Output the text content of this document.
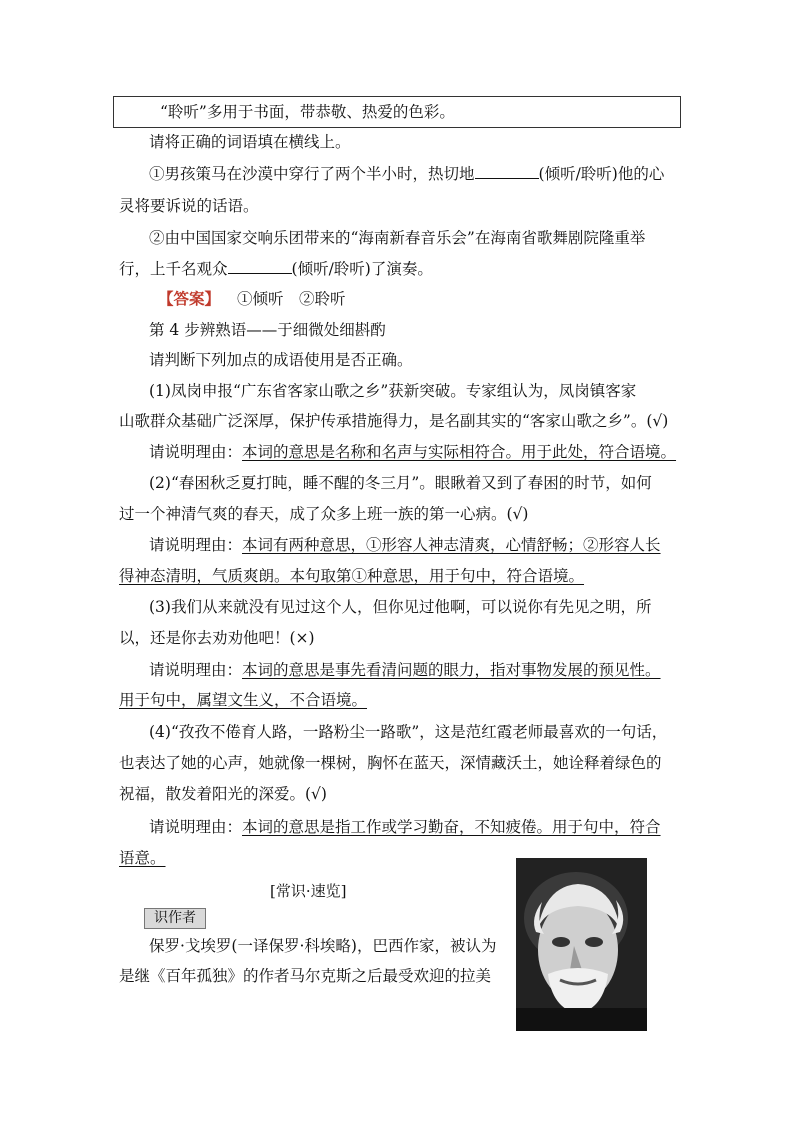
“聆听”多用于书面，带恭敬、热爱的色彩。
请将正确的词语填在横线上。
①男孩策马在沙漠中穿行了两个半小时，热切地	(倾听/聆听)他的心
灵将要诉说的话语。
②由中国国家交响乐团带来的“海南新春音乐会”在海南省歌舞剧院隆重举
行，上千名观众	(倾听/聆听)了演奏。
【答案】 ①倾听　②聆听
第 4 步辨熟语——于细微处细斟酌
请判断下列加点的成语使用是否正确。
(1)凤岗申报“广东省客家山歌之乡”获新突破。专家组认为，凤岗镇客家
山歌群众基础广泛深厚，保护传承措施得力，是名副其实的“客家山歌之乡”。(√)
请说明理由：本词的意思是名称和名声与实际相符合。用于此处，符合语境。
(2)“春困秋乏夏打盹，睡不醒的冬三月”。眼瞅着又到了春困的时节，如何
过一个神清气爽的春天，成了众多上班一族的第一心病。(√)
请说明理由：本词有两种意思，①形容人神志清爽，心情舒畅；②形容人长
得神态清明，气质爽朗。本句取第①种意思，用于句中，符合语境。
(3)我们从来就没有见过这个人，但你见过他啊，可以说你有先见之明，所
以，还是你去劝劝他吧！(×)
请说明理由：本词的意思是事先看清问题的眼力，指对事物发展的预见性。
用于句中，属望文生义，不合语境。
(4)“孜孜不倦育人路，一路粉尘一路歌”，这是范红霞老师最喜欢的一句话，
也表达了她的心声，她就像一棵树，胸怀在蓝天，深情藏沃土，她诠释着绿色的
祝福，散发着阳光的深爱。(√)
请说明理由：本词的意思是指工作或学习勤奋，不知疲倦。用于句中，符合
语意。
[常识·速览]
识作者
保罗·戈埃罗(一译保罗·科埃略)，巴西作家，被认为
是继《百年孤独》的作者马尔克斯之后最受欢迎的拉美
